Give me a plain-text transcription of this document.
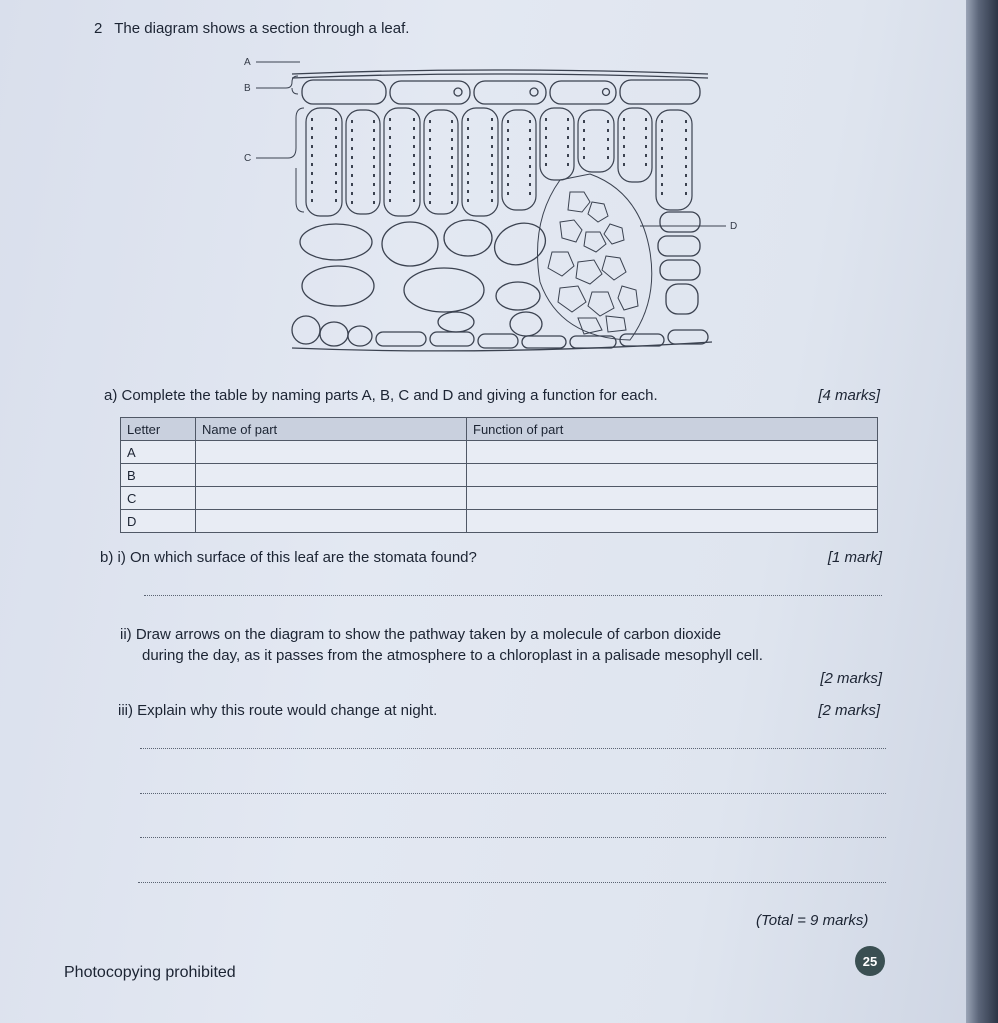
2 The diagram shows a section through a leaf.
A
B
C
D
a) Complete the table by naming parts A, B, C and D and giving a function for each.	[4 marks]
Letter	Name of part	Function of part
A		
B		
C		
D		
b) i) On which surface of this leaf are the stomata found?	[1 mark]
ii) Draw arrows on the diagram to show the pathway taken by a molecule of carbon dioxide
during the day, as it passes from the atmosphere to a chloroplast in a palisade mesophyll cell.
[2 marks]
iii) Explain why this route would change at night.	[2 marks]
(Total = 9 marks)
Photocopying prohibited
25
